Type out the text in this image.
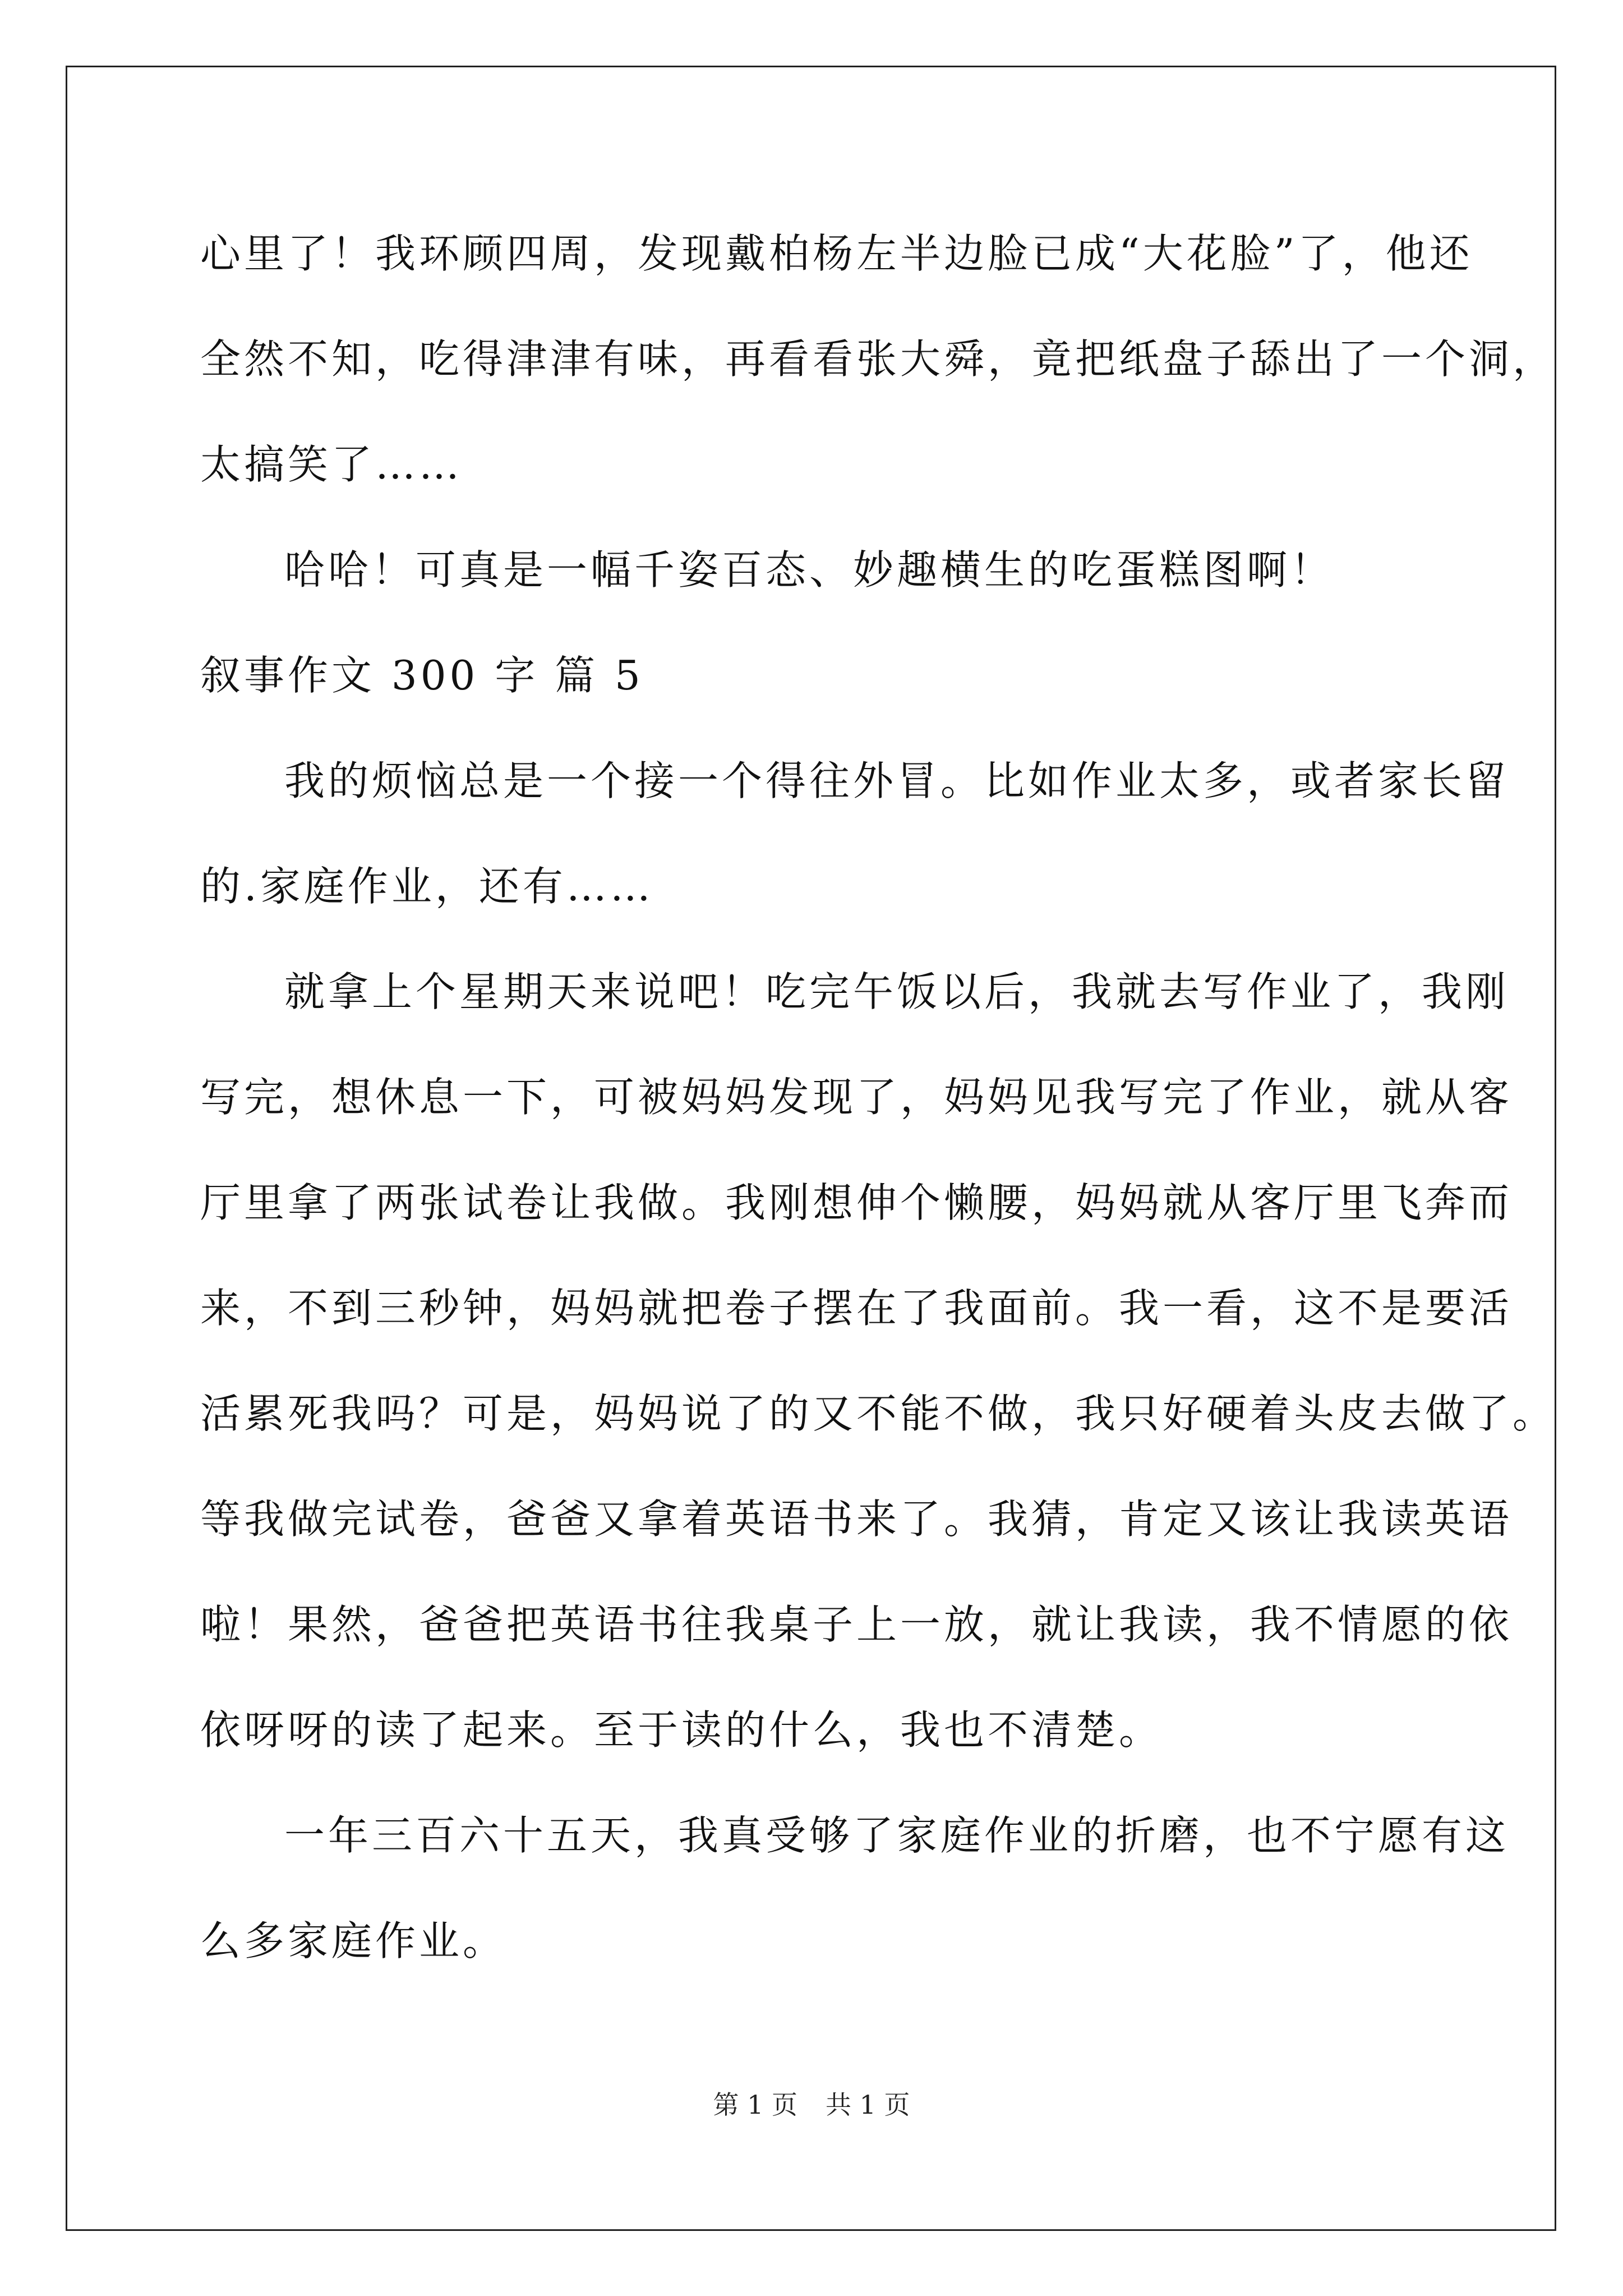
心里了！我环顾四周，发现戴柏杨左半边脸已成“大花脸”了，他还
全然不知，吃得津津有味，再看看张大舜，竟把纸盘子舔出了一个洞，
太搞笑了……
哈哈！可真是一幅千姿百态、妙趣横生的吃蛋糕图啊！
叙事作文 300 字 篇 5
我的烦恼总是一个接一个得往外冒。比如作业太多，或者家长留
的.家庭作业，还有……
就拿上个星期天来说吧！吃完午饭以后，我就去写作业了，我刚
写完，想休息一下，可被妈妈发现了，妈妈见我写完了作业，就从客
厅里拿了两张试卷让我做。我刚想伸个懒腰，妈妈就从客厅里飞奔而
来，不到三秒钟，妈妈就把卷子摆在了我面前。我一看，这不是要活
活累死我吗？可是，妈妈说了的又不能不做，我只好硬着头皮去做了。
等我做完试卷，爸爸又拿着英语书来了。我猜，肯定又该让我读英语
啦！果然，爸爸把英语书往我桌子上一放，就让我读，我不情愿的依
依呀呀的读了起来。至于读的什么，我也不清楚。
一年三百六十五天，我真受够了家庭作业的折磨，也不宁愿有这
么多家庭作业。
第 1 页 共 1 页
